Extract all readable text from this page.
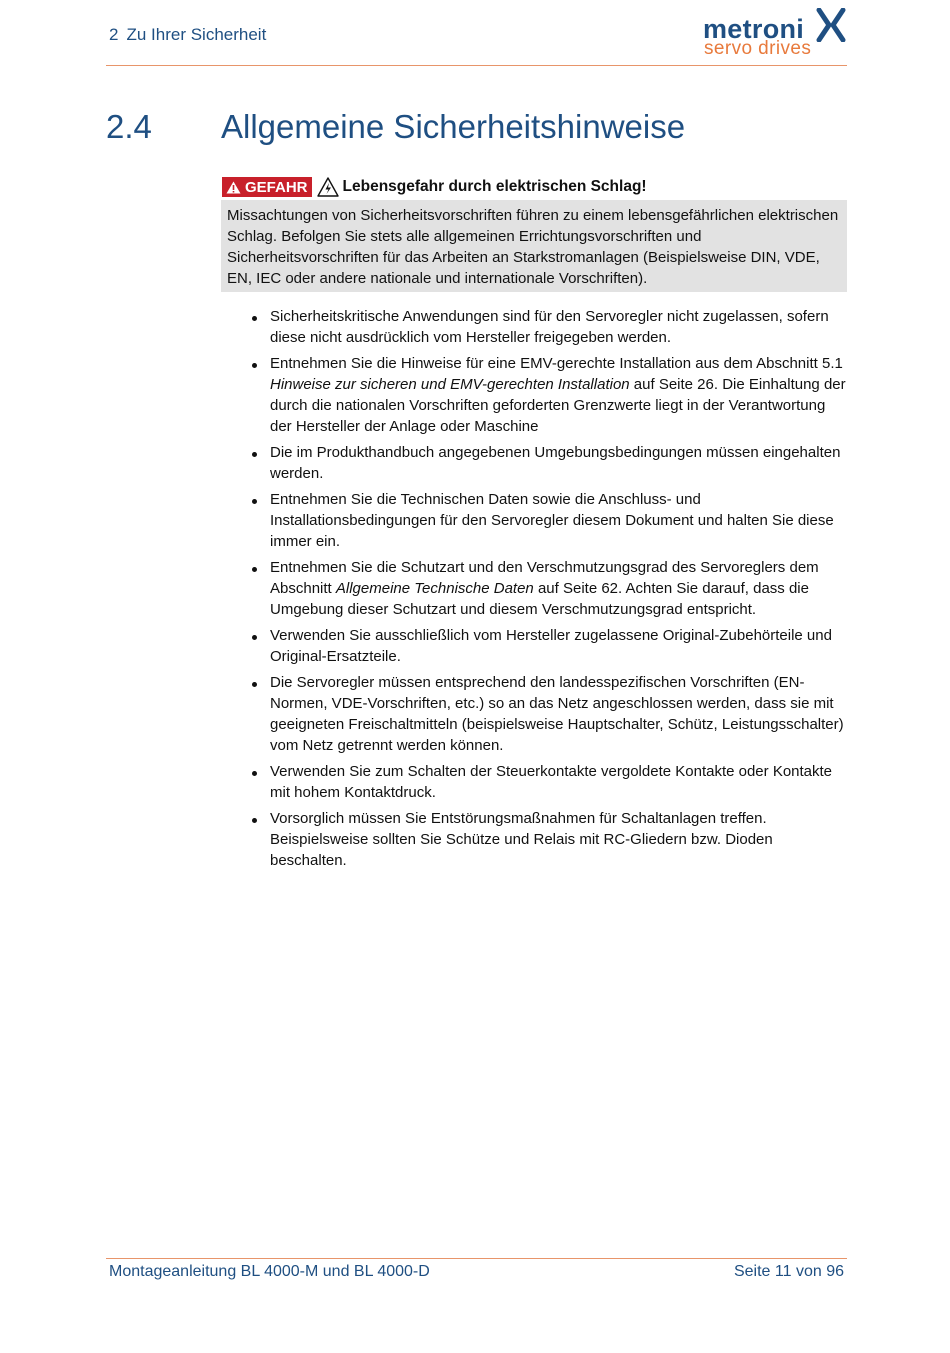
2 Zu Ihrer Sicherheit	metroni
servo drives
2.4 Allgemeine Sicherheitshinweise
GEFAHR Lebensgefahr durch elektrischen Schlag!
Missachtungen von Sicherheitsvorschriften führen zu einem lebensgefährlichen elektrischen Schlag. Befolgen Sie stets alle allgemeinen Errichtungsvorschriften und Sicherheitsvorschriften für das Arbeiten an Starkstromanlagen (Beispielsweise DIN, VDE, EN, IEC oder andere nationale und internationale Vorschriften).
Sicherheitskritische Anwendungen sind für den Servoregler nicht zugelassen, sofern diese nicht ausdrücklich vom Hersteller freigegeben werden.
Entnehmen Sie die Hinweise für eine EMV-gerechte Installation aus dem Abschnitt 5.1 Hinweise zur sicheren und EMV-gerechten Installation auf Seite 26. Die Einhaltung der durch die nationalen Vorschriften geforderten Grenzwerte liegt in der Verantwortung der Hersteller der Anlage oder Maschine
Die im Produkthandbuch angegebenen Umgebungsbedingungen müssen eingehalten werden.
Entnehmen Sie die Technischen Daten sowie die Anschluss- und Installationsbedingungen für den Servoregler diesem Dokument und halten Sie diese immer ein.
Entnehmen Sie die Schutzart und den Verschmutzungsgrad des Servoreglers dem Abschnitt Allgemeine Technische Daten auf Seite 62. Achten Sie darauf, dass die Umgebung dieser Schutzart und diesem Verschmutzungsgrad entspricht.
Verwenden Sie ausschließlich vom Hersteller zugelassene Original-Zubehörteile und Original-Ersatzteile.
Die Servoregler müssen entsprechend den landesspezifischen Vorschriften (EN-Normen, VDE-Vorschriften, etc.) so an das Netz angeschlossen werden, dass sie mit geeigneten Freischaltmitteln (beispielsweise Hauptschalter, Schütz, Leistungsschalter) vom Netz getrennt werden können.
Verwenden Sie zum Schalten der Steuerkontakte vergoldete Kontakte oder Kontakte mit hohem Kontaktdruck.
Vorsorglich müssen Sie Entstörungsmaßnahmen für Schaltanlagen treffen. Beispielsweise sollten Sie Schütze und Relais mit RC-Gliedern bzw. Dioden beschalten.
Montageanleitung BL 4000-M und BL 4000-D	Seite 11 von 96
